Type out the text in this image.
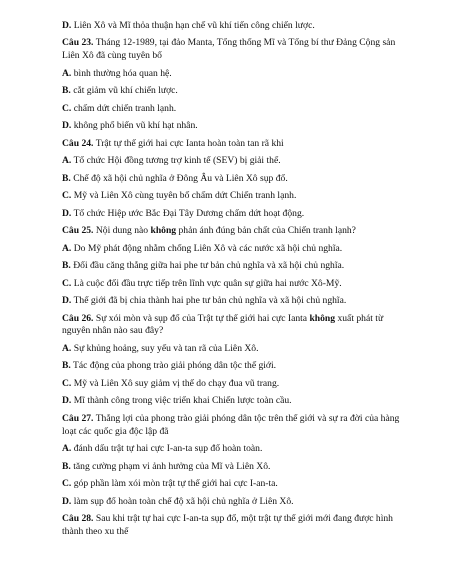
D. Liên Xô và Mĩ thỏa thuận hạn chế vũ khí tiến công chiến lược.
Câu 23. Tháng 12-1989, tại đảo Manta, Tổng thống Mĩ và Tổng bí thư Đảng Cộng sản
Liên Xô đã cùng tuyên bố
A. bình thường hóa quan hệ.
B. cắt giảm vũ khí chiến lược.
C. chấm dứt chiến tranh lạnh.
D. không phổ biến vũ khí hạt nhân.
Câu 24. Trật tự thế giới hai cực Ianta hoàn toàn tan rã khi
A. Tổ chức Hội đồng tương trợ kinh tế (SEV) bị giải thể.
B. Chế độ xã hội chủ nghĩa ở Đông Âu và Liên Xô sụp đổ.
C. Mỹ và Liên Xô cùng tuyên bố chấm dứt Chiến tranh lạnh.
D. Tổ chức Hiệp ước Bắc Đại Tây Dương chấm dứt hoạt động.
Câu 25. Nội dung nào không phản ánh đúng bản chất của Chiến tranh lạnh?
A. Do Mỹ phát động nhằm chống Liên Xô và các nước xã hội chủ nghĩa.
B. Đối đầu căng thẳng giữa hai phe tư bản chủ nghĩa và xã hội chủ nghĩa.
C. Là cuộc đối đầu trực tiếp trên lĩnh vực quân sự giữa hai nước Xô-Mỹ.
D. Thế giới đã bị chia thành hai phe tư bản chủ nghĩa và xã hội chủ nghĩa.
Câu 26. Sự xói mòn và sụp đổ của Trật tự thế giới hai cực Ianta không xuất phát từ
nguyên nhân nào sau đây?
A. Sự khủng hoảng, suy yếu và tan rã của Liên Xô.
B. Tác động của phong trào giải phóng dân tộc thế giới.
C. Mỹ và Liên Xô suy giảm vị thế do chạy đua vũ trang.
D. Mĩ thành công trong việc triển khai Chiến lược toàn cầu.
Câu 27. Thắng lợi của phong trào giải phóng dân tộc trên thế giới và sự ra đời của hàng
loạt các quốc gia độc lập đã
A. đánh dấu trật tự hai cực I-an-ta sụp đổ hoàn toàn.
B. tăng cường phạm vi ảnh hưởng của Mĩ và Liên Xô.
C. góp phần làm xói mòn trật tự thế giới hai cực I-an-ta.
D. làm sụp đổ hoàn toàn chế độ xã hội chủ nghĩa ở Liên Xô.
Câu 28. Sau khi trật tự hai cực I-an-ta sụp đổ, một trật tự thế giới mới đang được hình
thành theo xu thế
